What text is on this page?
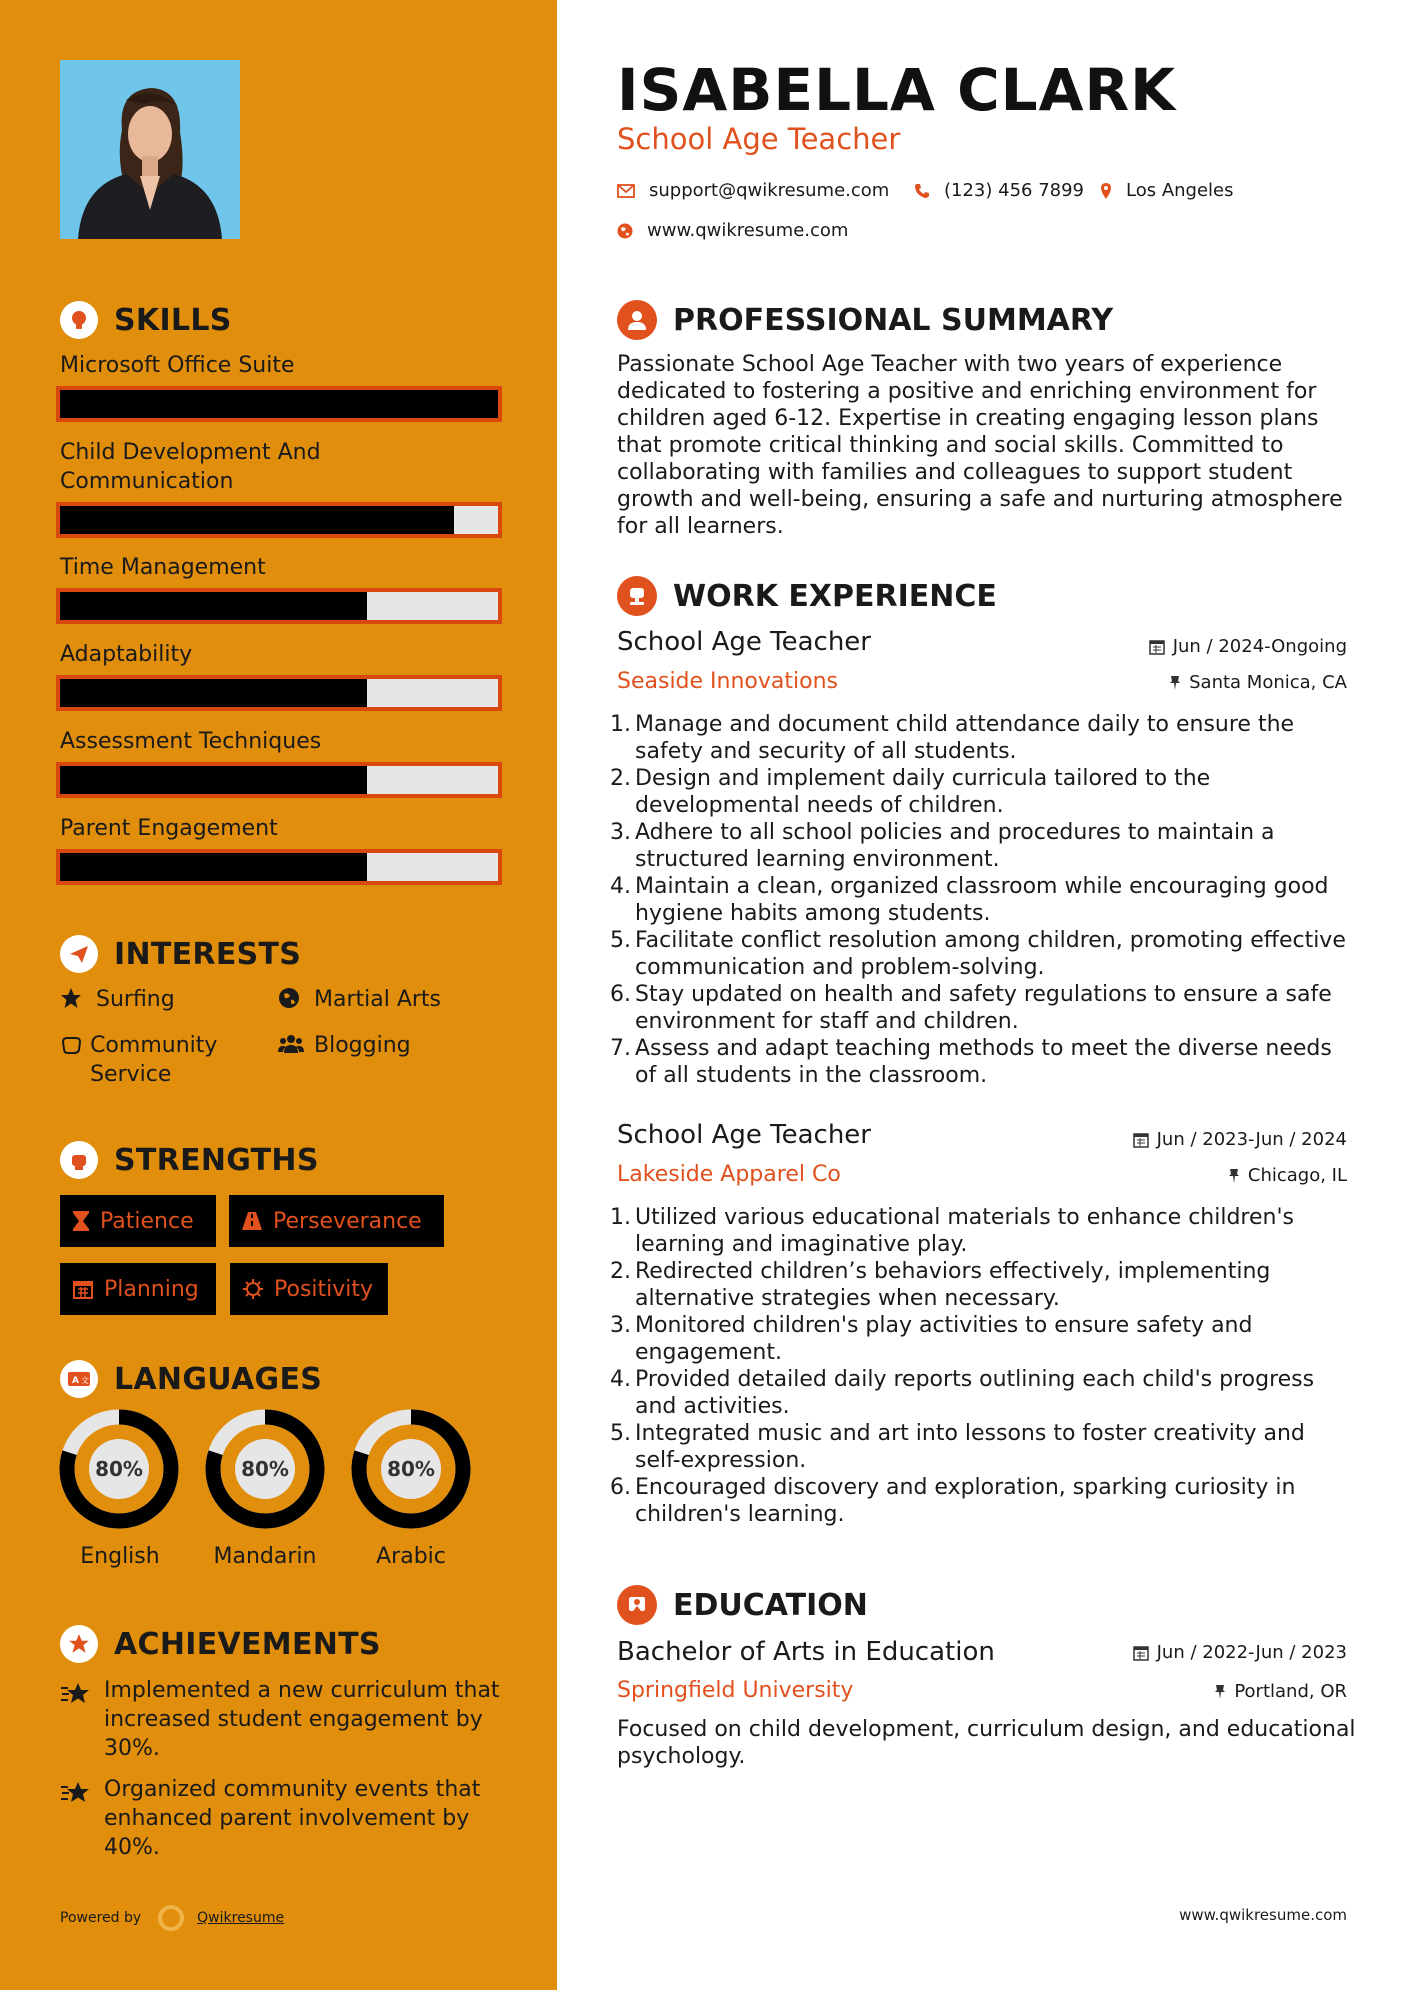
SKILLS
Microsoft Office Suite
Child Development And Communication
Time Management
Adaptability
Assessment Techniques
Parent Engagement
INTERESTS
Surfing	Martial Arts
Community Service
Blogging
STRENGTHS
Patience	Perseverance
Planning	Positivity
A 文 LANGUAGES
80%	80%	80%
English	Mandarin	Arabic
ACHIEVEMENTS
Implemented a new curriculum that increased student engagement by 30%.
Organized community events that enhanced parent involvement by 40%.
Powered by	Qwikresume
ISABELLA CLARK
School Age Teacher
support@qwikresume.com	(123) 456 7899 Los Angeles
www.qwikresume.com
PROFESSIONAL SUMMARY
Passionate School Age Teacher with two years of experience dedicated to fostering a positive and enriching environment for children aged 6-12. Expertise in creating engaging lesson plans that promote critical thinking and social skills. Committed to collaborating with families and colleagues to support student growth and well-being, ensuring a safe and nurturing atmosphere for all learners.
WORK EXPERIENCE
School Age Teacher	Jun / 2024-Ongoing
Seaside Innovations	Santa Monica, CA
1. Manage and document child attendance daily to ensure the safety and security of all students.
2. Design and implement daily curricula tailored to the developmental needs of children.
3. Adhere to all school policies and procedures to maintain a structured learning environment.
4. Maintain a clean, organized classroom while encouraging good hygiene habits among students.
5. Facilitate conflict resolution among children, promoting effective communication and problem-solving.
6. Stay updated on health and safety regulations to ensure a safe environment for staff and children.
7. Assess and adapt teaching methods to meet the diverse needs of all students in the classroom.
School Age Teacher	Jun / 2023-Jun / 2024
Lakeside Apparel Co	Chicago, IL
1. Utilized various educational materials to enhance children's learning and imaginative play.
2. Redirected children’s behaviors effectively, implementing alternative strategies when necessary.
3. Monitored children's play activities to ensure safety and engagement.
4. Provided detailed daily reports outlining each child's progress and activities.
5. Integrated music and art into lessons to foster creativity and self-expression.
6. Encouraged discovery and exploration, sparking curiosity in children's learning.
EDUCATION
Bachelor of Arts in Education	Jun / 2022-Jun / 2023
Springfield University	Portland, OR
Focused on child development, curriculum design, and educational psychology.
www.qwikresume.com
